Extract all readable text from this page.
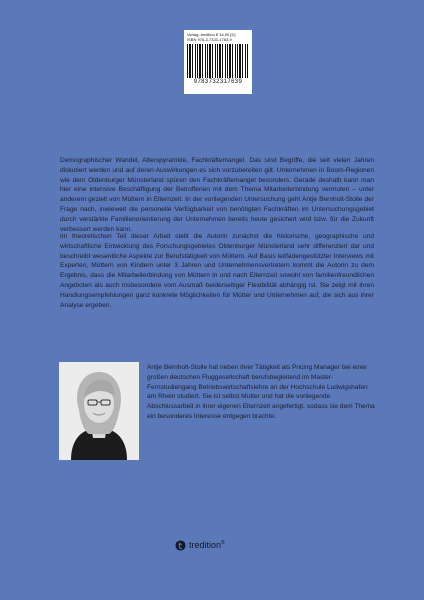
Verlag: tredition € 34,90 [D]
ISBN 978-3-7323-1763-9
9783732317639

Demographischer Wandel, Alterspyramide, Fachkräftemangel. Das sind Begriffe, die seit vielen Jahren diskutiert werden und auf deren Auswirkungen es sich vorzubereiten gilt. Unternehmen in Boom-Regionen wie dem Oldenburger Münsterland spüren den Fachkräftemangel besonders. Gerade deshalb kann man hier eine intensive Beschäftigung der Betroffenen mit dem Thema Mitarbeiterbindung vermuten – unter anderem gezielt von Müttern in Elternzeit. In der vorliegenden Untersuchung geht Antje Bernholt-Stolle der Frage nach, inwieweit die personelle Verfügbarkeit von benötigten Fachkräften im Untersuchungsgebiet durch verstärkte Familienorientierung der Unternehmen bereits heute gesichert wird bzw. für die Zukunft verbessert werden kann.

Im theoretischen Teil dieser Arbeit stellt die Autorin zunächst die historische, geographische und wirtschaftliche Entwicklung des Forschungsgebietes Oldenburger Münsterland sehr differenziert dar und beschreibt wesentliche Aspekte zur Berufstätigkeit von Müttern. Auf Basis leitfadengestützter Interviews mit Experten, Müttern von Kindern unter 3 Jahren und Unternehmensvertretern kommt die Autorin zu dem Ergebnis, dass die Mitarbeiterbindung von Müttern in und nach Elternzeit sowohl von familienfreundlichen Angeboten als auch insbesondere vom Ausmaß beiderseitiger Flexibilität abhängig ist. Sie zeigt mit ihren Handlungsempfehlungen ganz konkrete Möglichkeiten für Mütter und Unternehmen auf, die sich aus ihrer Analyse ergeben.

Antje Bernholt-Stolle hat neben ihrer Tätigkeit als Pricing Manager bei einer großen deutschen Fluggesellschaft berufsbegleitend im Master-Fernstudiengang Betriebswirtschaftslehre an der Hochschule Ludwigshafen am Rhein studiert. Sie ist selbst Mutter und hat die vorliegende Abschlussarbeit in ihrer eigenen Elternzeit angefertigt, sodass sie dem Thema ein besonderes Interesse entgegen brachte.

tredition®
